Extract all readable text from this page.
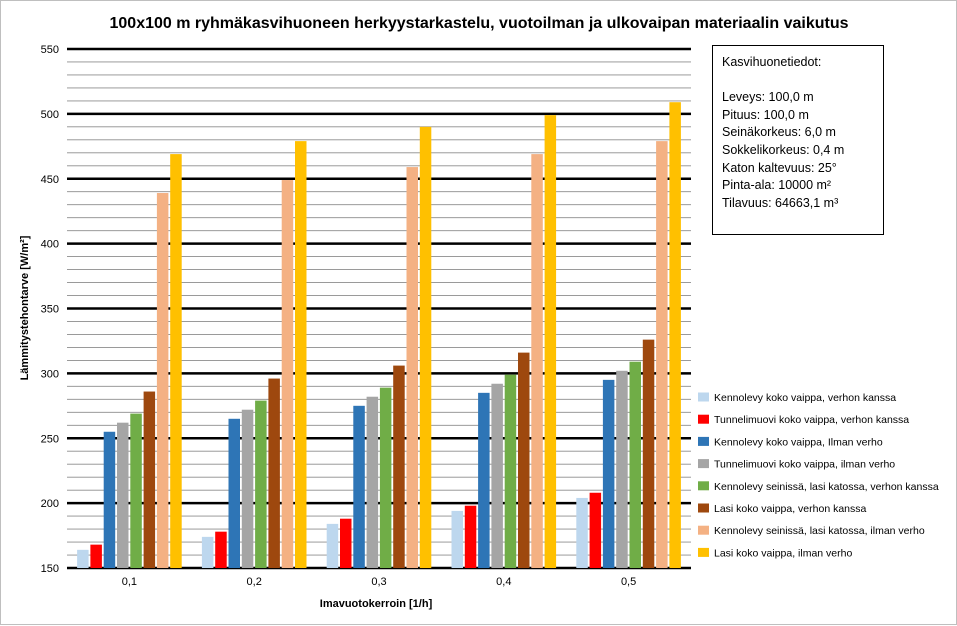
100x100 m ryhmäkasvihuoneen herkyystarkastelu, vuotoilman ja ulkovaipan materiaalin vaikutus
150
200
250
300
350
400
450
500
550
0,1	0,2	0,3	0,4	0,5
Lämmitystehontarve [W/m²]
Imavuotokerroin [1/h]
Kennolevy koko vaippa, verhon kanssa
Tunnelimuovi koko vaippa, verhon kanssa
Kennolevy koko vaippa, Ilman verho
Tunnelimuovi koko vaippa, ilman verho
Kennolevy seinissä, lasi katossa, verhon kanssa
Lasi koko vaippa, verhon kanssa
Kennolevy seinissä, lasi katossa, ilman verho
Lasi koko vaippa, ilman verho
Kasvihuonetiedot:
Leveys: 100,0 m
Pituus: 100,0 m
Seinäkorkeus: 6,0 m
Sokkelikorkeus: 0,4 m
Katon kaltevuus: 25°
Pinta-ala: 10000 m²
Tilavuus: 64663,1 m³
